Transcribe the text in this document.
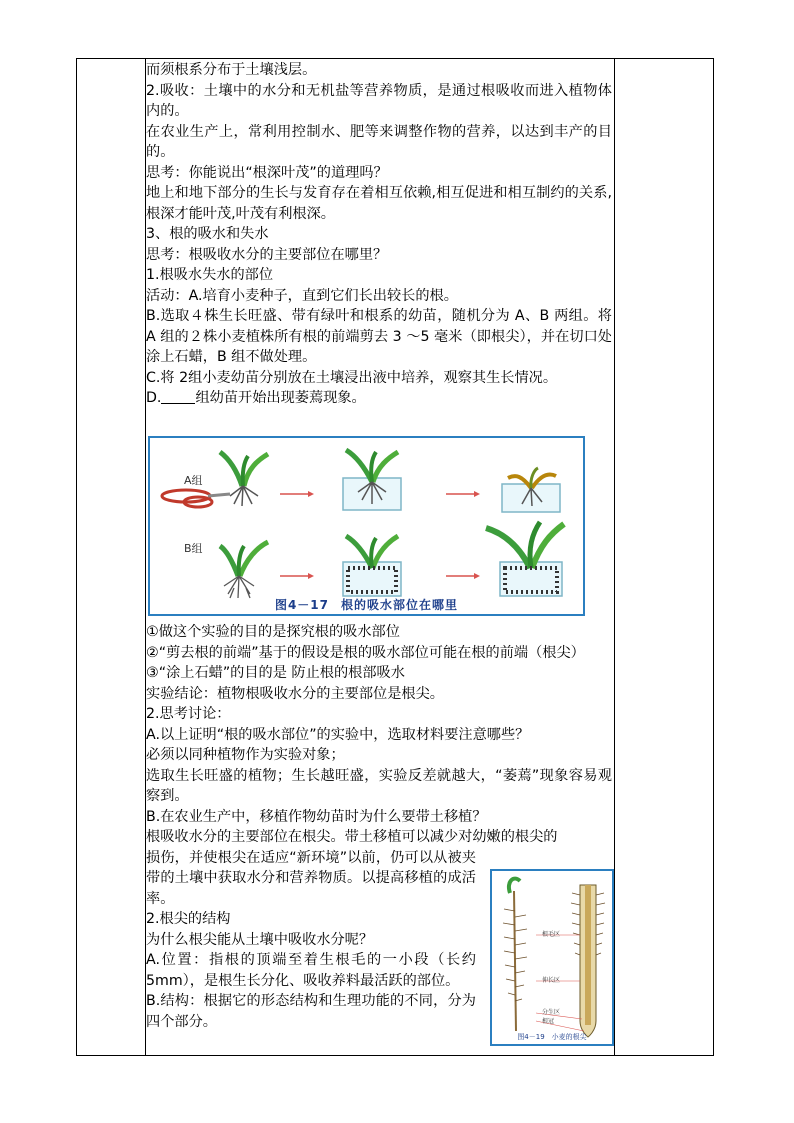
而须根系分布于土壤浅层。

2.吸收：土壤中的水分和无机盐等营养物质，是通过根吸收而进入植物体内的。

在农业生产上，常利用控制水、肥等来调整作物的营养，以达到丰产的目的。

思考：你能说出“根深叶茂”的道理吗？

地上和地下部分的生长与发育存在着相互依赖,相互促进和相互制约的关系,根深才能叶茂,叶茂有利根深。

3、根的吸水和失水

思考：根吸收水分的主要部位在哪里？

1.根吸水失水的部位

活动：A.培育小麦种子，直到它们长出较长的根。

B.选取４株生长旺盛、带有绿叶和根系的幼苗，随机分为 A、B 两组。将 A 组的２株小麦植株所有根的前端剪去 3 ～5 毫米（即根尖），并在切口处涂上石蜡，B 组不做处理。

C.将 2组小麦幼苗分别放在土壤浸出液中培养，观察其生长情况。

D. 组幼苗开始出现萎蔫现象。

A组
B组
图4－17 根的吸水部位在哪里

①做这个实验的目的是探究根的吸水部位

②“剪去根的前端”基于的假设是根的吸水部位可能在根的前端（根尖）

③“涂上石蜡”的目的是 防止根的根部吸水

实验结论：植物根吸收水分的主要部位是根尖。

2.思考讨论：

A.以上证明“根的吸水部位”的实验中，选取材料要注意哪些？

必须以同种植物作为实验对象；

选取生长旺盛的植物；生长越旺盛，实验反差就越大，“萎蔫”现象容易观察到。

B.在农业生产中，移植作物幼苗时为什么要带土移植？

根吸收水分的主要部位在根尖。带土移植可以减少对幼嫩的根尖的

损伤，并使根尖在适应“新环境”以前，仍可以从被夹带的土壤中获取水分和营养物质。以提高移植的成活率。

2.根尖的结构

为什么根尖能从土壤中吸收水分呢？

A.位置：指根的顶端至着生根毛的一小段（长约 5mm），是根生长分化、吸收养料最活跃的部位。

B.结构：根据它的形态结构和生理功能的不同，分为四个部分。

根毛区
伸长区
分生区
根冠
图4－19　小麦的根尖
